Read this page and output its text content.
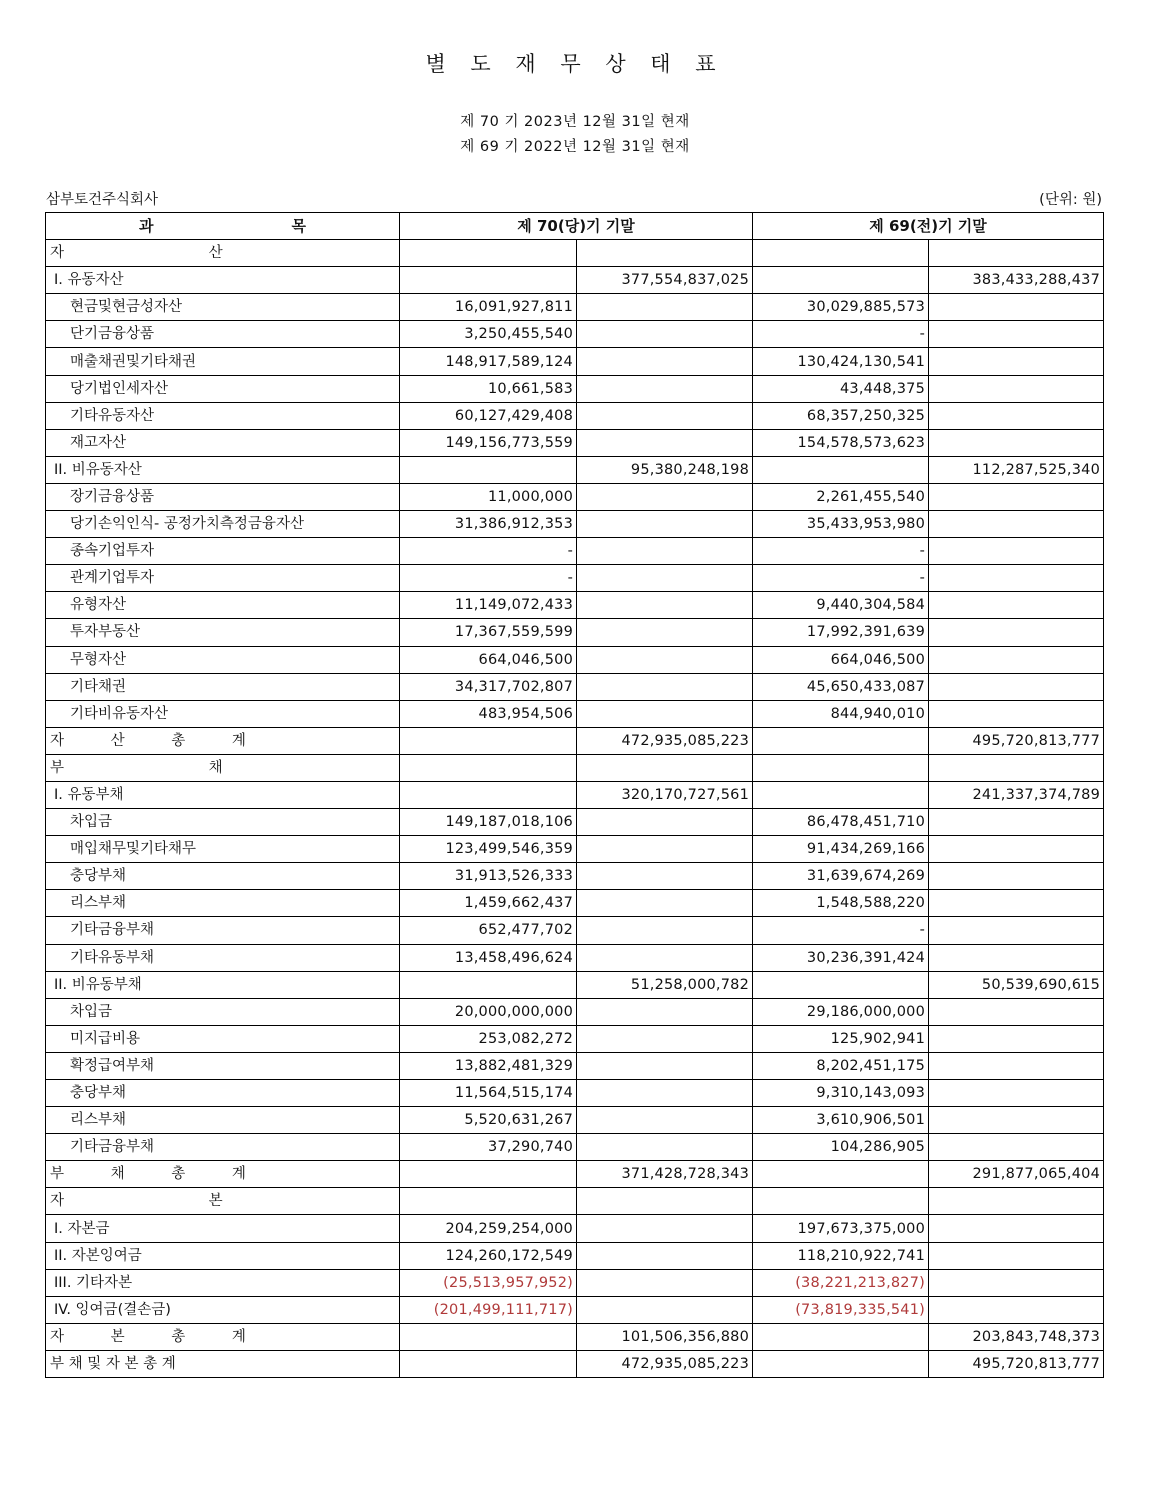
별 도 재 무 상 태 표
제 70 기 2023년 12월 31일 현재
제 69 기 2022년 12월 31일 현재
삼부토건주식회사	(단위: 원)
과 목	제 70(당)기 기말		제 69(전)기 기말	
자 산				
I. 유동자산		377,554,837,025		383,433,288,437
현금및현금성자산	16,091,927,811		30,029,885,573	
단기금융상품	3,250,455,540		-	
매출채권및기타채권	148,917,589,124		130,424,130,541	
당기법인세자산	10,661,583		43,448,375	
기타유동자산	60,127,429,408		68,357,250,325	
재고자산	149,156,773,559		154,578,573,623	
II. 비유동자산		95,380,248,198		112,287,525,340
장기금융상품	11,000,000		2,261,455,540	
당기손익인식- 공정가치측정금융자산	31,386,912,353		35,433,953,980	
종속기업투자	-		-	
관계기업투자	-		-	
유형자산	11,149,072,433		9,440,304,584	
투자부동산	17,367,559,599		17,992,391,639	
무형자산	664,046,500		664,046,500	
기타채권	34,317,702,807		45,650,433,087	
기타비유동자산	483,954,506		844,940,010	
자 산 총 계		472,935,085,223		495,720,813,777
부 채				
I. 유동부채		320,170,727,561		241,337,374,789
차입금	149,187,018,106		86,478,451,710	
매입채무및기타채무	123,499,546,359		91,434,269,166	
충당부채	31,913,526,333		31,639,674,269	
리스부채	1,459,662,437		1,548,588,220	
기타금융부채	652,477,702		-	
기타유동부채	13,458,496,624		30,236,391,424	
II. 비유동부채		51,258,000,782		50,539,690,615
차입금	20,000,000,000		29,186,000,000	
미지급비용	253,082,272		125,902,941	
확정급여부채	13,882,481,329		8,202,451,175	
충당부채	11,564,515,174		9,310,143,093	
리스부채	5,520,631,267		3,610,906,501	
기타금융부채	37,290,740		104,286,905	
부 채 총 계		371,428,728,343		291,877,065,404
자 본				
I. 자본금	204,259,254,000		197,673,375,000	
II. 자본잉여금	124,260,172,549		118,210,922,741	
III. 기타자본	(25,513,957,952)		(38,221,213,827)	
IV. 잉여금(결손금)	(201,499,111,717)		(73,819,335,541)	
자 본 총 계		101,506,356,880		203,843,748,373
부 채 및 자 본 총 계		472,935,085,223		495,720,813,777
